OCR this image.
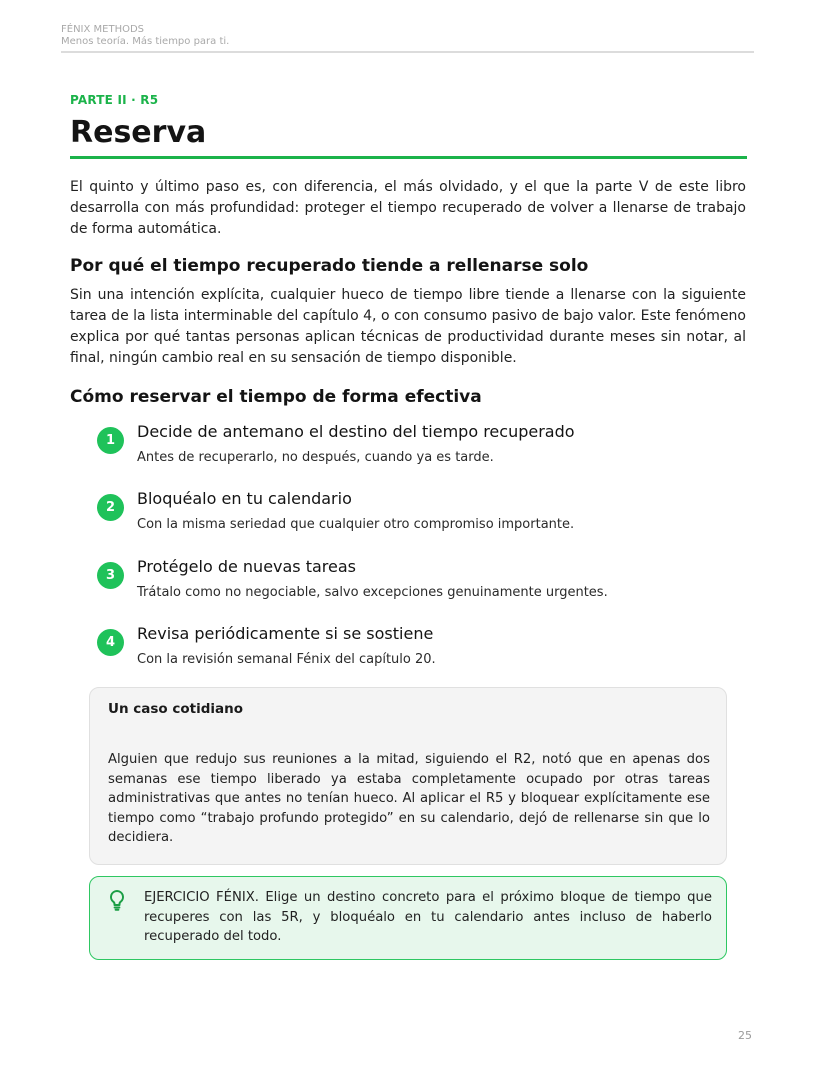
FÉNIX METHODS
Menos teoría. Más tiempo para ti.
PARTE II · R5
Reserva

El quinto y último paso es, con diferencia, el más olvidado, y el que la parte V de este libro desarrolla con más profundidad: proteger el tiempo recuperado de volver a llenarse de trabajo de forma automática.

Por qué el tiempo recuperado tiende a rellenarse solo

Sin una intención explícita, cualquier hueco de tiempo libre tiende a llenarse con la siguiente tarea de la lista interminable del capítulo 4, o con consumo pasivo de bajo valor. Este fenómeno explica por qué tantas personas aplican técnicas de productividad durante meses sin notar, al final, ningún cambio real en su sensación de tiempo disponible.

Cómo reservar el tiempo de forma efectiva
1	Decide de antemano el destino del tiempo recuperado
Antes de recuperarlo, no después, cuando ya es tarde.
2	Bloquéalo en tu calendario
Con la misma seriedad que cualquier otro compromiso importante.
3	Protégelo de nuevas tareas
Trátalo como no negociable, salvo excepciones genuinamente urgentes.
4	Revisa periódicamente si se sostiene
Con la revisión semanal Fénix del capítulo 20.
Un caso cotidiano

Alguien que redujo sus reuniones a la mitad, siguiendo el R2, notó que en apenas dos semanas ese tiempo liberado ya estaba completamente ocupado por otras tareas administrativas que antes no tenían hueco. Al aplicar el R5 y bloquear explícitamente ese tiempo como “trabajo profundo protegido” en su calendario, dejó de rellenarse sin que lo decidiera.

EJERCICIO FÉNIX. Elige un destino concreto para el próximo bloque de tiempo que recuperes con las 5R, y bloquéalo en tu calendario antes incluso de haberlo recuperado del todo.

25
